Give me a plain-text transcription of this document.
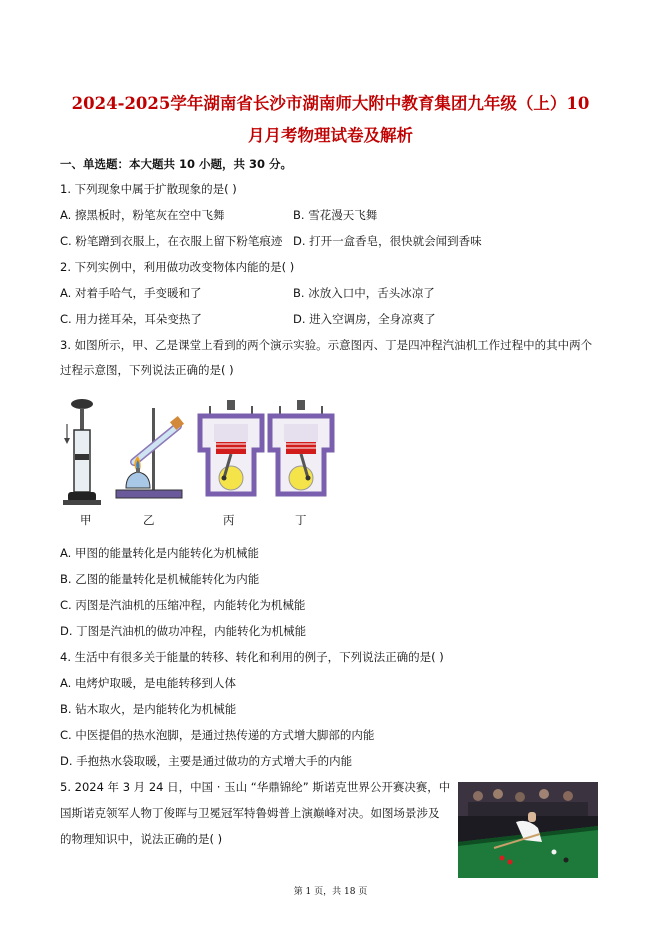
2024-2025学年湖南省长沙市湖南师大附中教育集团九年级（上）10
月月考物理试卷及解析
一、单选题：本大题共 10 小题，共 30 分。
1. 下列现象中属于扩散现象的是( )
A. 擦黑板时，粉笔灰在空中飞舞	B. 雪花漫天飞舞
C. 粉笔蹭到衣服上，在衣服上留下粉笔痕迹 D. 打开一盒香皂，很快就会闻到香味
2. 下列实例中，利用做功改变物体内能的是( )
A. 对着手哈气，手变暖和了	B. 冰放入口中，舌头冰凉了
C. 用力搓耳朵，耳朵变热了	D. 进入空调房，全身凉爽了
3. 如图所示，甲、乙是课堂上看到的两个演示实验。示意图丙、丁是四冲程汽油机工作过程中的其中两个
过程示意图，下列说法正确的是( )
甲	乙	丙	丁
A. 甲图的能量转化是内能转化为机械能
B. 乙图的能量转化是机械能转化为内能
C. 丙图是汽油机的压缩冲程，内能转化为机械能
D. 丁图是汽油机的做功冲程，内能转化为机械能
4. 生活中有很多关于能量的转移、转化和利用的例子，下列说法正确的是( )
A. 电烤炉取暖，是电能转移到人体
B. 钻木取火，是内能转化为机械能
C. 中医提倡的热水泡脚，是通过热传递的方式增大脚部的内能
D. 手抱热水袋取暖，主要是通过做功的方式增大手的内能
5. 2024 年 3 月 24 日，中国 · 玉山 “华鼎锦纶” 斯诺克世界公开赛决赛，中
国斯诺克领军人物丁俊晖与卫冕冠军特鲁姆普上演巅峰对决。如图场景涉及
的物理知识中，说法正确的是( )
第 1 页，共 18 页
